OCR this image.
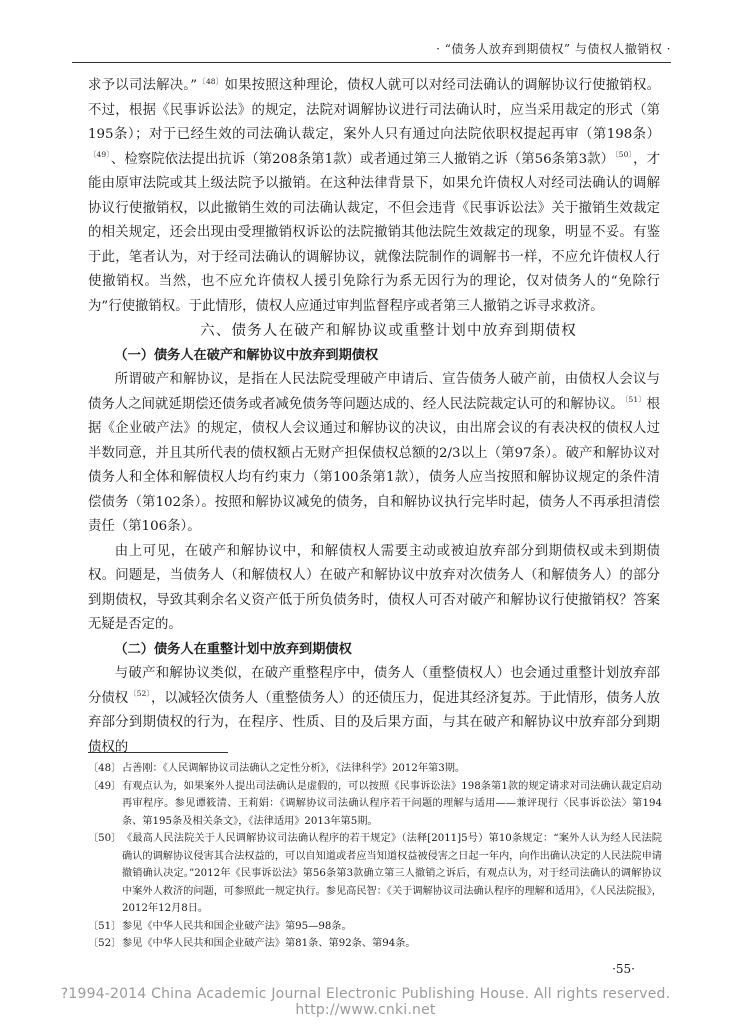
· “债务人放弃到期债权” 与债权人撤销权 ·

求予以司法解决。”$^{〔48〕}$如果按照这种理论，债权人就可以对经司法确认的调解协议行使撤销权。不过，根据《民事诉讼法》的规定，法院对调解协议进行司法确认时，应当采用裁定的形式（第195条）；对于已经生效的司法确认裁定，案外人只有通过向法院依职权提起再审（第198条）$^{〔49〕}$、检察院依法提出抗诉（第208条第1款）或者通过第三人撤销之诉（第56条第3款）$^{〔50〕}$，才能由原审法院或其上级法院予以撤销。在这种法律背景下，如果允许债权人对经司法确认的调解协议行使撤销权，以此撤销生效的司法确认裁定，不但会违背《民事诉讼法》关于撤销生效裁定的相关规定，还会出现由受理撤销权诉讼的法院撤销其他法院生效裁定的现象，明显不妥。有鉴于此，笔者认为，对于经司法确认的调解协议，就像法院制作的调解书一样，不应允许债权人行使撤销权。当然，也不应允许债权人援引免除行为系无因行为的理论，仅对债务人的“免除行为”行使撤销权。于此情形，债权人应通过审判监督程序或者第三人撤销之诉寻求救济。

六、债务人在破产和解协议或重整计划中放弃到期债权

（一）债务人在破产和解协议中放弃到期债权

所谓破产和解协议，是指在人民法院受理破产申请后、宣告债务人破产前，由债权人会议与债务人之间就延期偿还债务或者减免债务等问题达成的、经人民法院裁定认可的和解协议。$^{〔51〕}$根据《企业破产法》的规定，债权人会议通过和解协议的决议，由出席会议的有表决权的债权人过半数同意，并且其所代表的债权额占无财产担保债权总额的2/3以上（第97条）。破产和解协议对债务人和全体和解债权人均有约束力（第100条第1款），债务人应当按照和解协议规定的条件清偿债务（第102条）。按照和解协议减免的债务，自和解协议执行完毕时起，债务人不再承担清偿责任（第106条）。

由上可见，在破产和解协议中，和解债权人需要主动或被迫放弃部分到期债权或未到期债权。问题是，当债务人（和解债权人）在破产和解协议中放弃对次债务人（和解债务人）的部分到期债权，导致其剩余名义资产低于所负债务时，债权人可否对破产和解协议行使撤销权？答案无疑是否定的。

（二）债务人在重整计划中放弃到期债权

与破产和解协议类似，在破产重整程序中，债务人（重整债权人）也会通过重整计划放弃部分债权$^{〔52〕}$，以减轻次债务人（重整债务人）的还债压力，促进其经济复苏。于此情形，债务人放弃部分到期债权的行为，在程序、性质、目的及后果方面，与其在破产和解协议中放弃部分到期债权的

〔48〕 占善刚：《人民调解协议司法确认之定性分析》，《法律科学》2012年第3期。
〔49〕 有观点认为，如果案外人提出司法确认是虚假的，可以按照《民事诉讼法》198条第1款的规定请求对司法确认裁定启动再审程序。参见谭筱清、王莉娟：《调解协议司法确认程序若干问题的理解与适用——兼评现行〈民事诉讼法〉第194条、第195条及相关条文》，《法律适用》2013年第5期。
〔50〕 《最高人民法院关于人民调解协议司法确认程序的若干规定》（法释[2011]5号）第10条规定：“案外人认为经人民法院确认的调解协议侵害其合法权益的，可以自知道或者应当知道权益被侵害之日起一年内，向作出确认决定的人民法院申请撤销确认决定。”2012年《民事诉讼法》第56条第3款确立第三人撤销之诉后，有观点认为，对于经司法确认的调解协议中案外人救济的问题，可参照此一规定执行。参见高民智：《关于调解协议司法确认程序的理解和适用》，《人民法院报》，2012年12月8日。
〔51〕 参见《中华人民共和国企业破产法》第95—98条。
〔52〕 参见《中华人民共和国企业破产法》第81条、第92条、第94条。
·55·
?1994-2014 China Academic Journal Electronic Publishing House. All rights reserved. http://www.cnki.net
